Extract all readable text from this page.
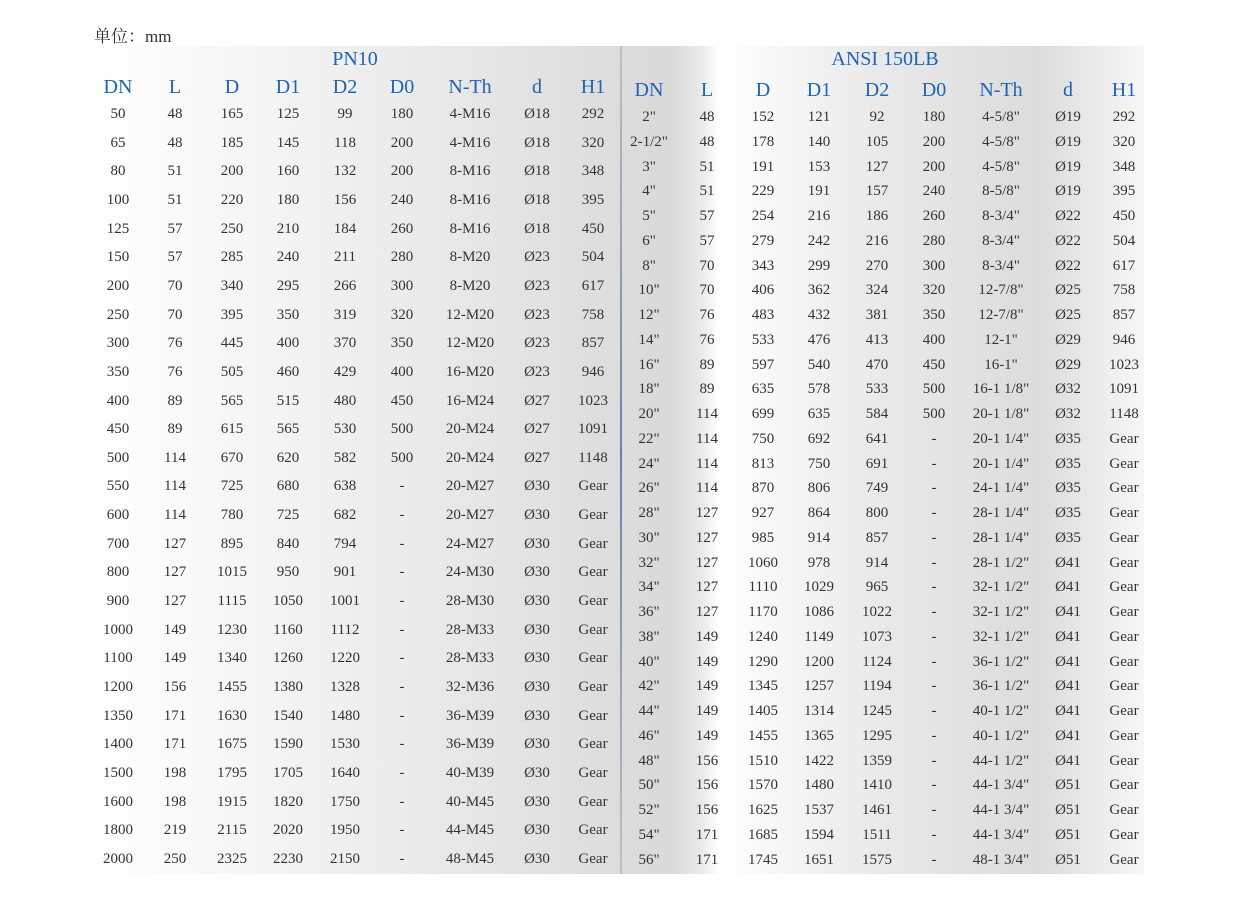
单位：mm
PN10	ANSI 150LB
DN L D D1 D2 D0 N-Th d H1
50	48	165 125	99	180 4-M16 Ø18 292
65	48	185 145 118 200 4-M16 Ø18 320
80	51	200 160 132 200 8-M16 Ø18 348
100	51	220 180 156 240 8-M16 Ø18 395
125	57	250 210 184 260 8-M16 Ø18 450
150	57	285 240 211 280 8-M20 Ø23 504
200	70	340 295 266 300 8-M20 Ø23 617
250	70	395 350 319 320 12-M20 Ø23 758
300	76	445 400 370 350 12-M20 Ø23 857
350	76	505 460 429 400 16-M20 Ø23 946
400	89	565 515 480 450 16-M24 Ø27 1023
450	89	615 565 530 500 20-M24 Ø27 1091
500 114 670 620 582 500 20-M24 Ø27 1148
550 114 725 680 638	-	20-M27 Ø30 Gear
600 114 780 725 682	-	20-M27 Ø30 Gear
700 127 895 840 794	-	24-M27 Ø30 Gear
800 127 1015 950 901	-	24-M30 Ø30 Gear
900 127 1115 1050 1001	-	28-M30 Ø30 Gear
1000 149 1230 1160 1112	-	28-M33 Ø30 Gear
1100 149 1340 1260 1220	-	28-M33 Ø30 Gear
1200 156 1455 1380 1328	-	32-M36 Ø30 Gear
1350 171 1630 1540 1480	-	36-M39 Ø30 Gear
1400 171 1675 1590 1530	-	36-M39 Ø30 Gear
1500 198 1795 1705 1640	-	40-M39 Ø30 Gear
1600 198 1915 1820 1750	-	40-M45 Ø30 Gear
1800 219 2115 2020 1950	-	44-M45 Ø30 Gear
2000 250 2325 2230 2150	-	48-M45 Ø30 Gear
DN L D D1 D2 D0 N-Th d H1
2"	48 152 121	92	180 4-5/8" Ø19 292
2-1/2" 48 178 140 105 200 4-5/8" Ø19 320
3"	51 191 153 127 200 4-5/8" Ø19 348
4"	51 229 191 157 240 8-5/8" Ø19 395
5"	57 254 216 186 260 8-3/4" Ø22 450
6"	57 279 242 216 280 8-3/4" Ø22 504
8"	70 343 299 270 300 8-3/4" Ø22 617
10"	70 406 362 324 320 12-7/8" Ø25 758
12"	76 483 432 381 350 12-7/8" Ø25 857
14"	76 533 476 413 400	12-1" Ø29 946
16"	89 597 540 470 450	16-1" Ø29 1023
18"	89 635 578 533 500 16-1 1/8" Ø32 1091
20" 114 699 635 584 500 20-1 1/8" Ø32 1148
22" 114 750 692 641	- 20-1 1/4" Ø35 Gear
24" 114 813 750 691	- 20-1 1/4" Ø35 Gear
26" 114 870 806 749	- 24-1 1/4" Ø35 Gear
28" 127 927 864 800	- 28-1 1/4" Ø35 Gear
30" 127 985 914 857	- 28-1 1/4" Ø35 Gear
32" 127 1060 978 914	- 28-1 1/2" Ø41 Gear
34" 127 1110 1029 965	- 32-1 1/2" Ø41 Gear
36" 127 1170 1086 1022	- 32-1 1/2" Ø41 Gear
38" 149 1240 1149 1073	- 32-1 1/2" Ø41 Gear
40" 149 1290 1200 1124	- 36-1 1/2" Ø41 Gear
42" 149 1345 1257 1194	- 36-1 1/2" Ø41 Gear
44" 149 1405 1314 1245	- 40-1 1/2" Ø41 Gear
46" 149 1455 1365 1295	- 40-1 1/2" Ø41 Gear
48" 156 1510 1422 1359	- 44-1 1/2" Ø41 Gear
50" 156 1570 1480 1410	- 44-1 3/4" Ø51 Gear
52" 156 1625 1537 1461	- 44-1 3/4" Ø51 Gear
54" 171 1685 1594 1511	- 44-1 3/4" Ø51 Gear
56" 171 1745 1651 1575	- 48-1 3/4" Ø51 Gear
